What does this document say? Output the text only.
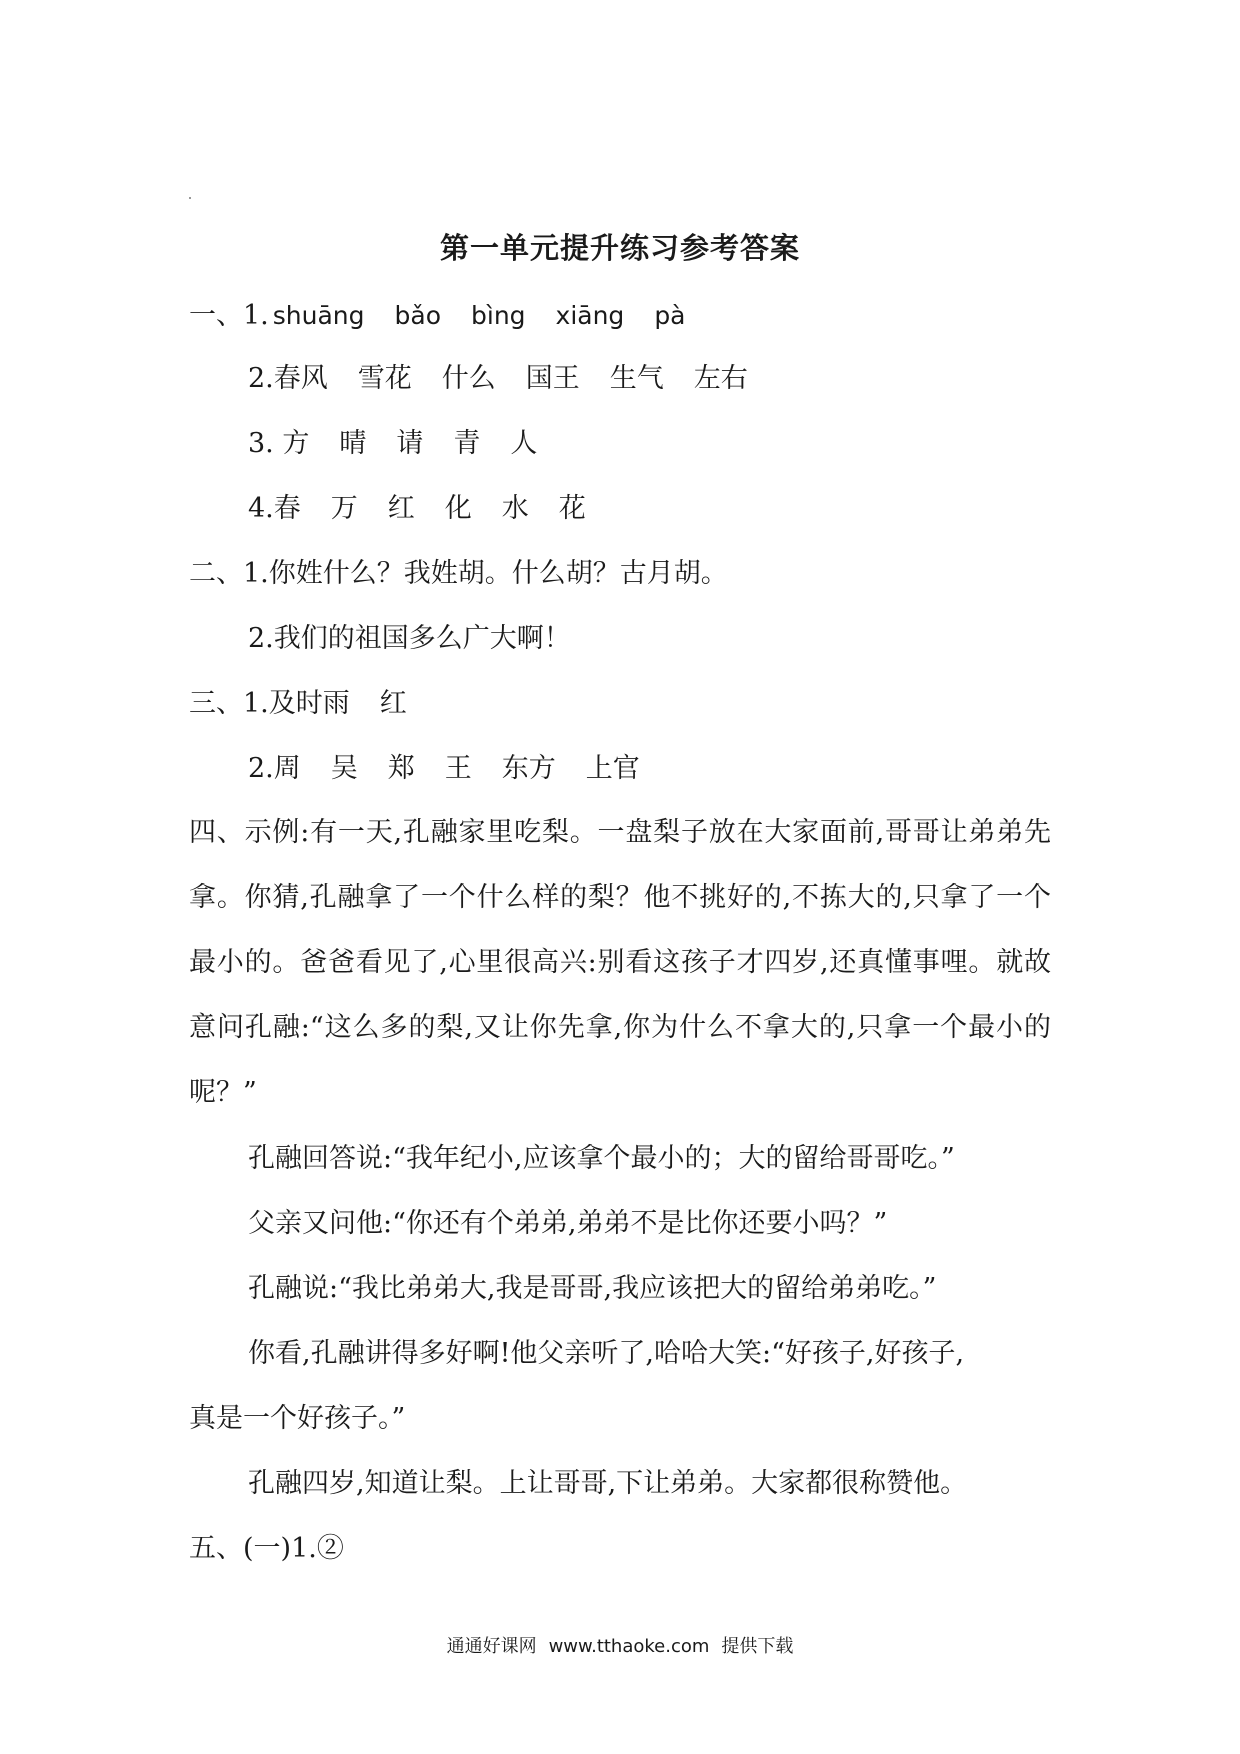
第一单元提升练习参考答案
一、1. shuāng bǎo bìng xiāng pà
2.春风 雪花 什么 国王 生气 左右
3. 方 晴 请 青 人
4.春 万 红 化 水 花
二、1.你姓什么？我姓胡。什么胡？古月胡。
2.我们的祖国多么广大啊！
三、1.及时雨 红
2.周 吴 郑 王 东方 上官
四、示例:有一天,孔融家里吃梨。一盘梨子放在大家面前,哥哥让弟弟先拿。你猜,孔融拿了一个什么样的梨？他不挑好的,不拣大的,只拿了一个最小的。爸爸看见了,心里很高兴:别看这孩子才四岁,还真懂事哩。就故意问孔融:“这么多的梨,又让你先拿,你为什么不拿大的,只拿一个最小的呢？”
孔融回答说:“我年纪小,应该拿个最小的；大的留给哥哥吃。”
父亲又问他:“你还有个弟弟,弟弟不是比你还要小吗？”
孔融说:“我比弟弟大,我是哥哥,我应该把大的留给弟弟吃。”
你看,孔融讲得多好啊!他父亲听了,哈哈大笑:“好孩子,好孩子,
真是一个好孩子。”
孔融四岁,知道让梨。上让哥哥,下让弟弟。大家都很称赞他。
五、(一)1.②
通通好课网 www.tthaoke.com 提供下载
